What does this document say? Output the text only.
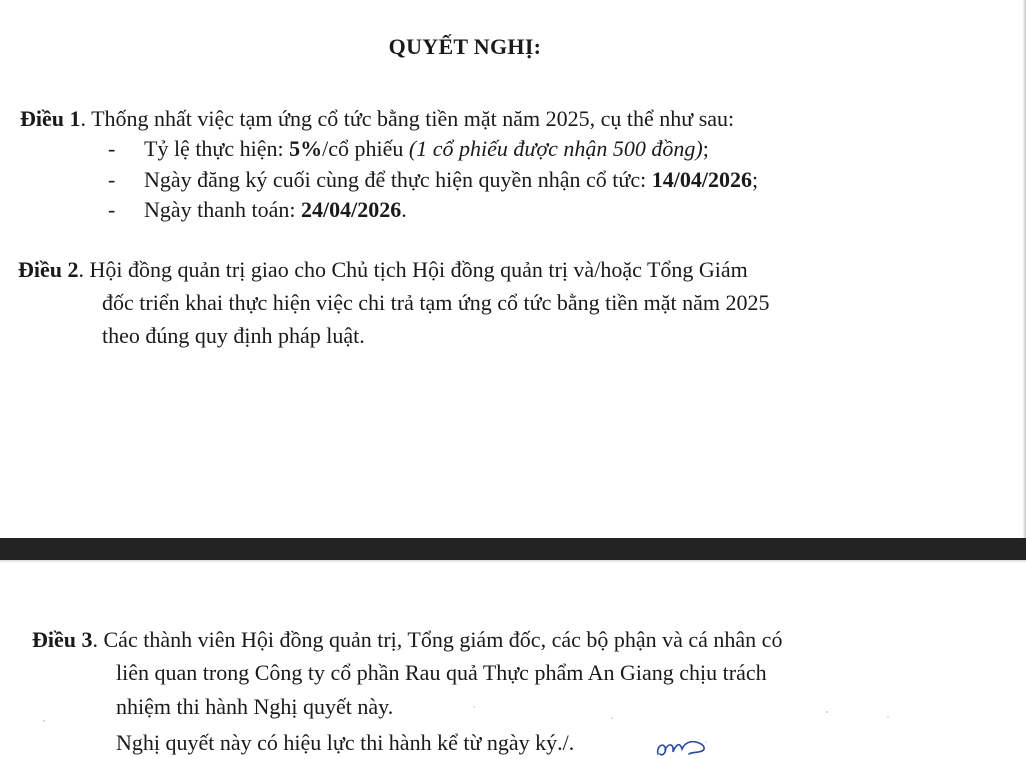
QUYẾT NGHỊ:
Điều 1. Thống nhất việc tạm ứng cổ tức bằng tiền mặt năm 2025, cụ thể như sau:
- Tỷ lệ thực hiện: 5%/cổ phiếu (1 cổ phiếu được nhận 500 đồng);
- Ngày đăng ký cuối cùng để thực hiện quyền nhận cổ tức: 14/04/2026;
- Ngày thanh toán: 24/04/2026.
Điều 2. Hội đồng quản trị giao cho Chủ tịch Hội đồng quản trị và/hoặc Tổng Giám
đốc triển khai thực hiện việc chi trả tạm ứng cổ tức bằng tiền mặt năm 2025
theo đúng quy định pháp luật.
Điều 3. Các thành viên Hội đồng quản trị, Tổng giám đốc, các bộ phận và cá nhân có
liên quan trong Công ty cổ phần Rau quả Thực phẩm An Giang chịu trách
nhiệm thi hành Nghị quyết này.
Nghị quyết này có hiệu lực thi hành kể từ ngày ký./.
